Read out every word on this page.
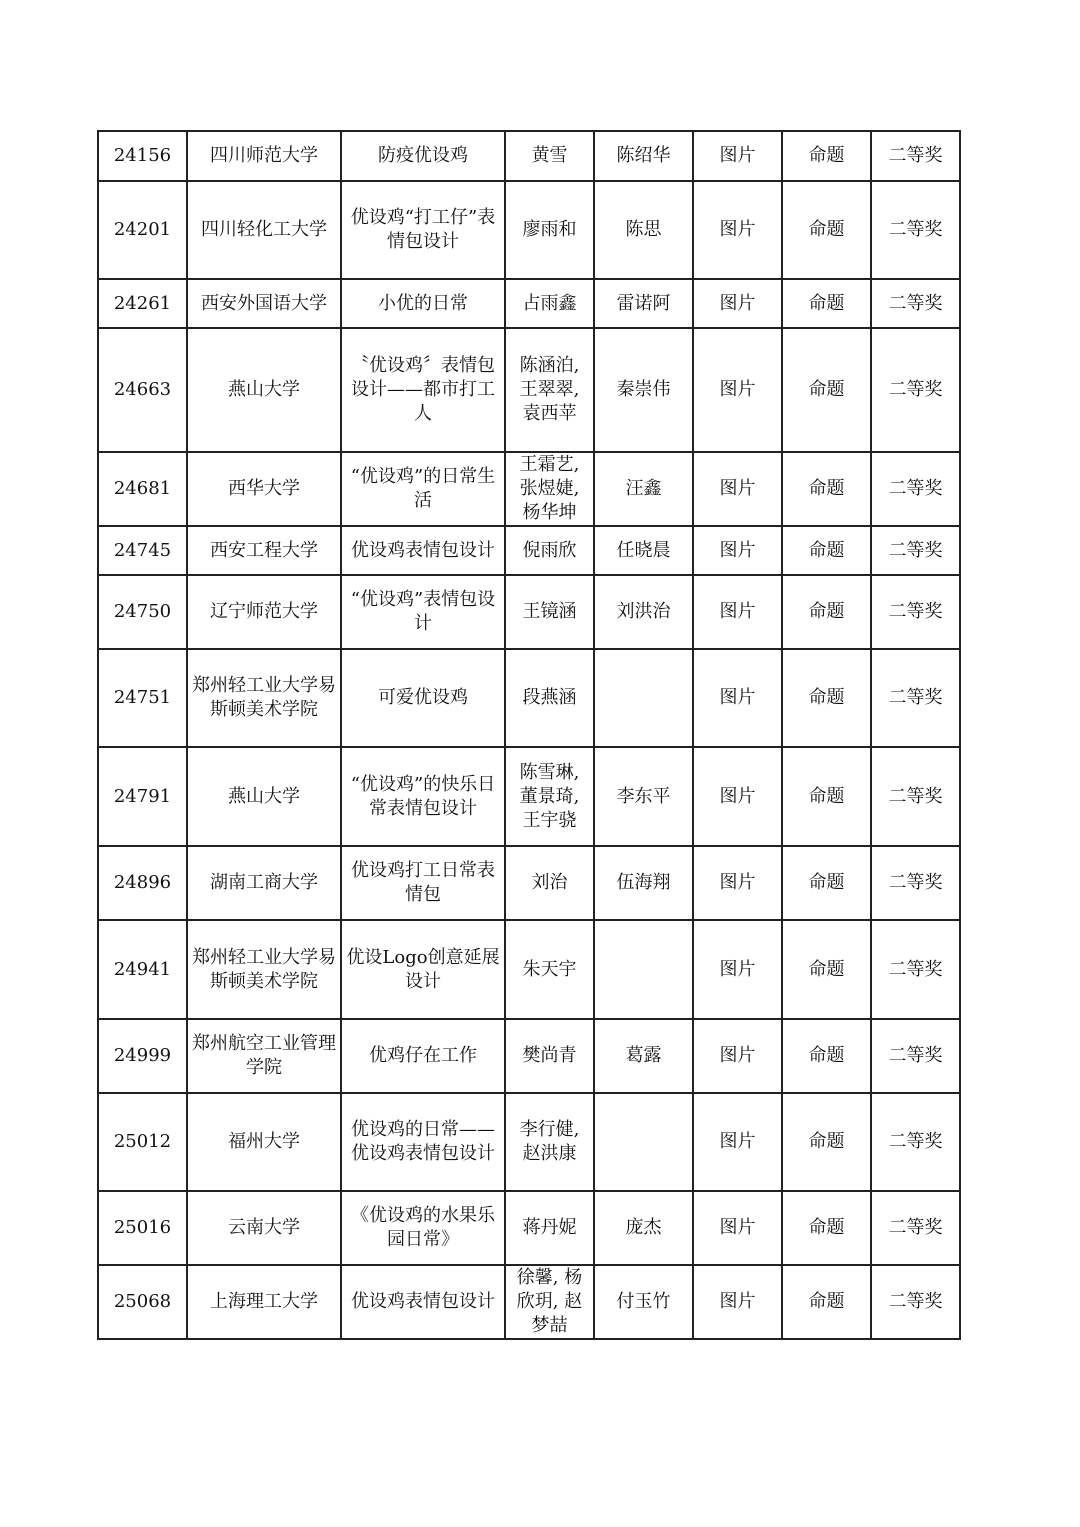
24156	四川师范大学	防疫优设鸡	黄雪	陈绍华	图片	命题	二等奖
24201	四川轻化工大学	优设鸡“打工仔”表情包设计	廖雨和	陈思	图片	命题	二等奖
24261	西安外国语大学	小优的日常	占雨鑫	雷诺阿	图片	命题	二等奖
24663	燕山大学	〝优设鸡〞表情包设计——都市打工人	陈涵泊, 王翠翠, 袁西苹	秦崇伟	图片	命题	二等奖
24681	西华大学	“优设鸡”的日常生活	王霜艺, 张煜婕, 杨华坤	汪鑫	图片	命题	二等奖
24745	西安工程大学	优设鸡表情包设计	倪雨欣	任晓晨	图片	命题	二等奖
24750	辽宁师范大学	“优设鸡”表情包设计	王镜涵	刘洪治	图片	命题	二等奖
24751	郑州轻工业大学易斯顿美术学院	可爱优设鸡	段燕涵		图片	命题	二等奖
24791	燕山大学	“优设鸡”的快乐日常表情包设计	陈雪琳, 董景琦, 王宇骁	李东平	图片	命题	二等奖
24896	湖南工商大学	优设鸡打工日常表情包	刘治	伍海翔	图片	命题	二等奖
24941	郑州轻工业大学易斯顿美术学院	优设Logo创意延展设计	朱天宇		图片	命题	二等奖
24999	郑州航空工业管理学院	优鸡仔在工作	樊尚青	葛露	图片	命题	二等奖
25012	福州大学	优设鸡的日常——优设鸡表情包设计	李行健, 赵洪康		图片	命题	二等奖
25016	云南大学	《优设鸡的水果乐园日常》	蒋丹妮	庞杰	图片	命题	二等奖
25068	上海理工大学	优设鸡表情包设计	徐馨, 杨欣玥, 赵梦喆	付玉竹	图片	命题	二等奖
